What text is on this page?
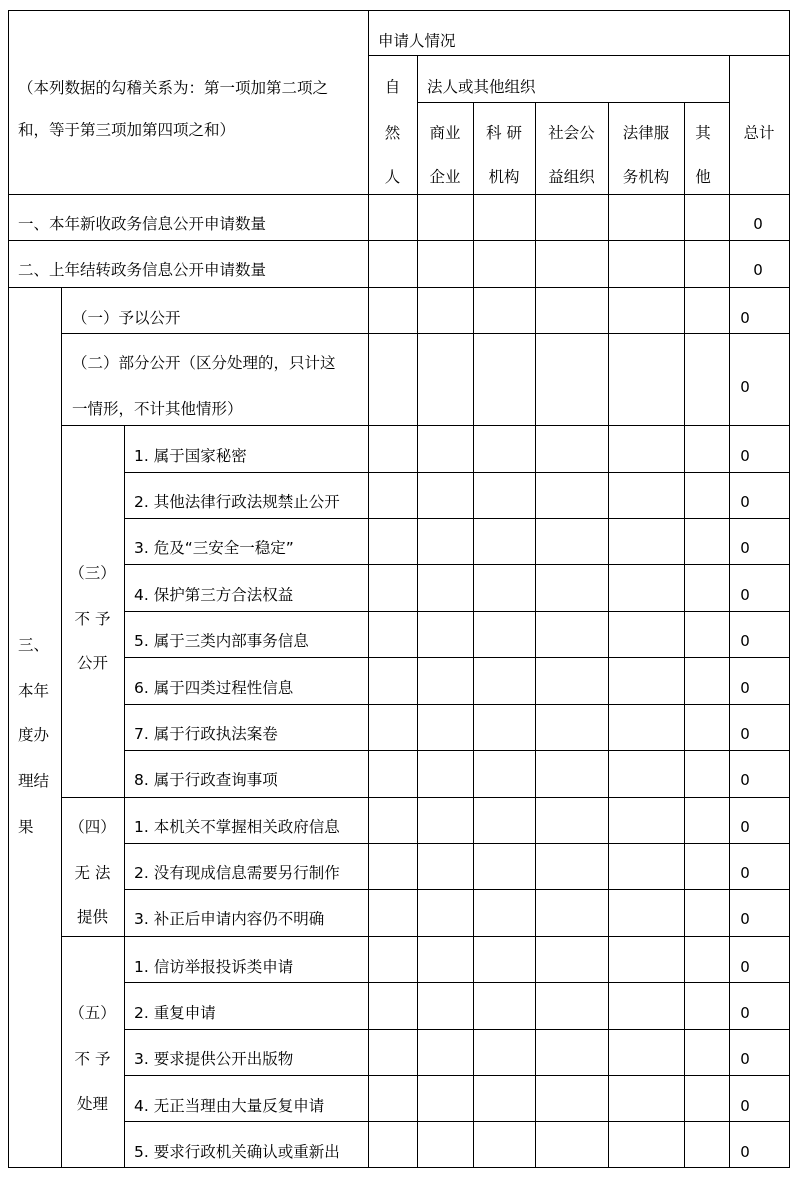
申请人情况
（本列数据的勾稽关系为：第一项加第二项之
和，等于第三项加第四项之和）
自
然
人
法人或其他组织
商业
企业
科 研
机构
社会公
益组织
法律服
务机构
其
他
总计
一、本年新收政务信息公开申请数量
二、上年结转政务信息公开申请数量
三、
本年
度办
理结
果
（一）予以公开
（二）部分公开（区分处理的，只计这
一情形，不计其他情形）
（三）
不 予
公开
1. 属于国家秘密
2. 其他法律行政法规禁止公开
3. 危及“三安全一稳定”
4. 保护第三方合法权益
5. 属于三类内部事务信息
6. 属于四类过程性信息
7. 属于行政执法案卷
8. 属于行政查询事项
（四）
无 法
提供
1. 本机关不掌握相关政府信息
2. 没有现成信息需要另行制作
3. 补正后申请内容仍不明确
（五）
不 予
处理
1. 信访举报投诉类申请
2. 重复申请
3. 要求提供公开出版物
4. 无正当理由大量反复申请
5. 要求行政机关确认或重新出
0
0
0
0
0
0
0
0
0
0
0
0
0
0
0
0
0
0
0
0
